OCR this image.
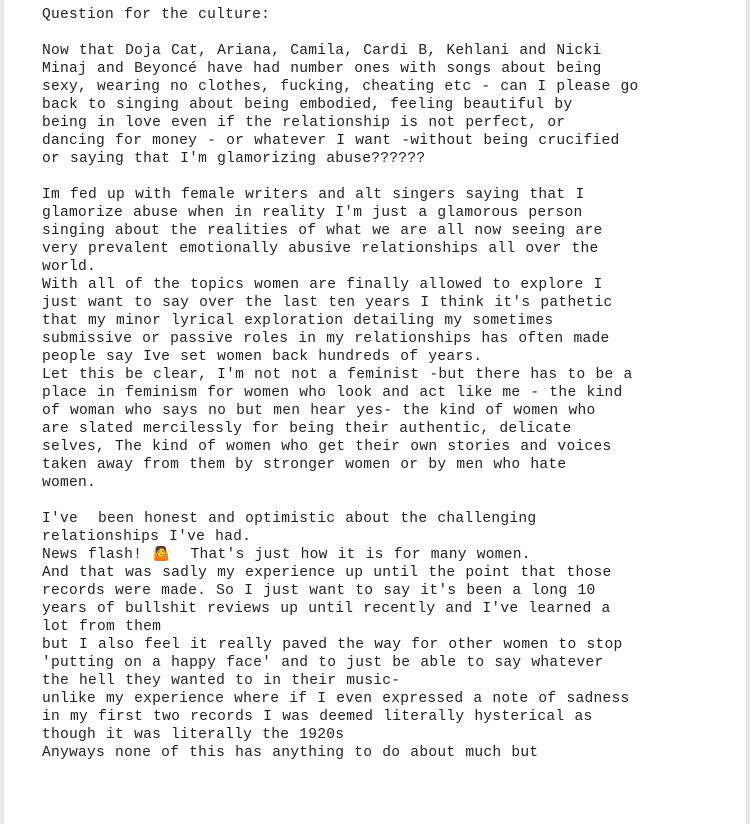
Question for the culture:
Now that Doja Cat, Ariana, Camila, Cardi B, Kehlani and Nicki
Minaj and Beyoncé have had number ones with songs about being
sexy, wearing no clothes, fucking, cheating etc - can I please go
back to singing about being embodied, feeling beautiful by
being in love even if the relationship is not perfect, or
dancing for money - or whatever I want -without being crucified
or saying that I'm glamorizing abuse??????
Im fed up with female writers and alt singers saying that I
glamorize abuse when in reality I'm just a glamorous person
singing about the realities of what we are all now seeing are
very prevalent emotionally abusive relationships all over the
world.
With all of the topics women are finally allowed to explore I
just want to say over the last ten years I think it's pathetic
that my minor lyrical exploration detailing my sometimes
submissive or passive roles in my relationships has often made
people say Ive set women back hundreds of years.
Let this be clear, I'm not not a feminist -but there has to be a
place in feminism for women who look and act like me - the kind
of woman who says no but men hear yes- the kind of women who
are slated mercilessly for being their authentic, delicate
selves, The kind of women who get their own stories and voices
taken away from them by stronger women or by men who hate
women.
I've  been honest and optimistic about the challenging
relationships I've had.
News flash! 🤷  That's just how it is for many women.
And that was sadly my experience up until the point that those
records were made. So I just want to say it's been a long 10
years of bullshit reviews up until recently and I've learned a
lot from them
but I also feel it really paved the way for other women to stop
'putting on a happy face' and to just be able to say whatever
the hell they wanted to in their music-
unlike my experience where if I even expressed a note of sadness
in my first two records I was deemed literally hysterical as
though it was literally the 1920s
Anyways none of this has anything to do about much but
